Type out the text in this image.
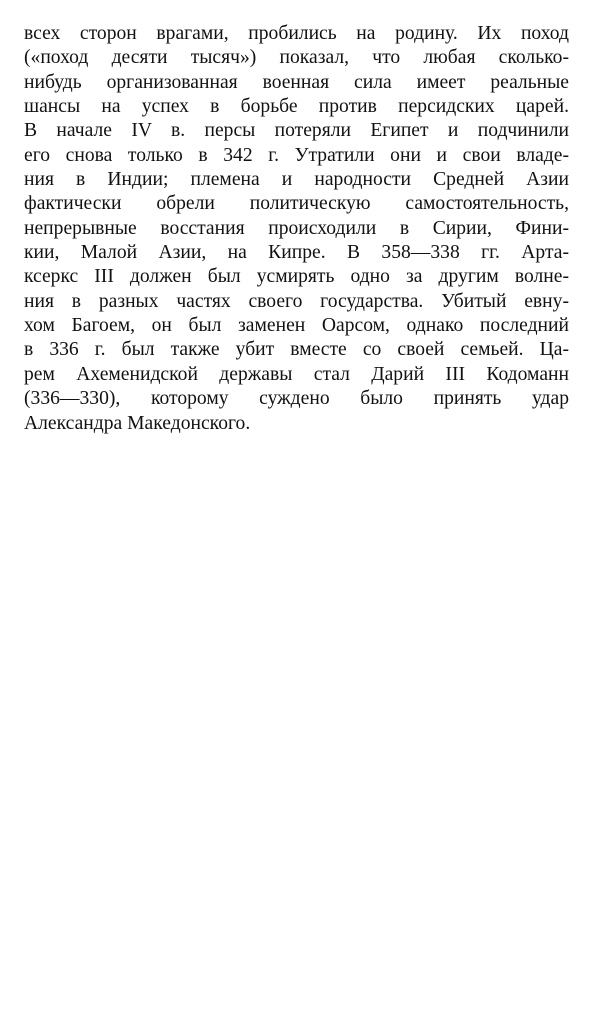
всех сторон врагами, пробились на родину. Их поход
(«поход десяти тысяч») показал, что любая сколько-
нибудь организованная военная сила имеет реальные
шансы на успех в борьбе против персидских царей.
В начале IV в. персы потеряли Египет и подчинили
его снова только в 342 г. Утратили они и свои владе-
ния в Индии; племена и народности Средней Азии
фактически обрели политическую самостоятельность,
непрерывные восстания происходили в Сирии, Фини-
кии, Малой Азии, на Кипре. В 358—338 гг. Арта-
ксеркс III должен был усмирять одно за другим волне-
ния в разных частях своего государства. Убитый евну-
хом Багоем, он был заменен Оарсом, однако последний
в 336 г. был также убит вместе со своей семьей. Ца-
рем Ахеменидской державы стал Дарий III Кодоманн
(336—330), которому суждено было принять удар
Александра Македонского.
